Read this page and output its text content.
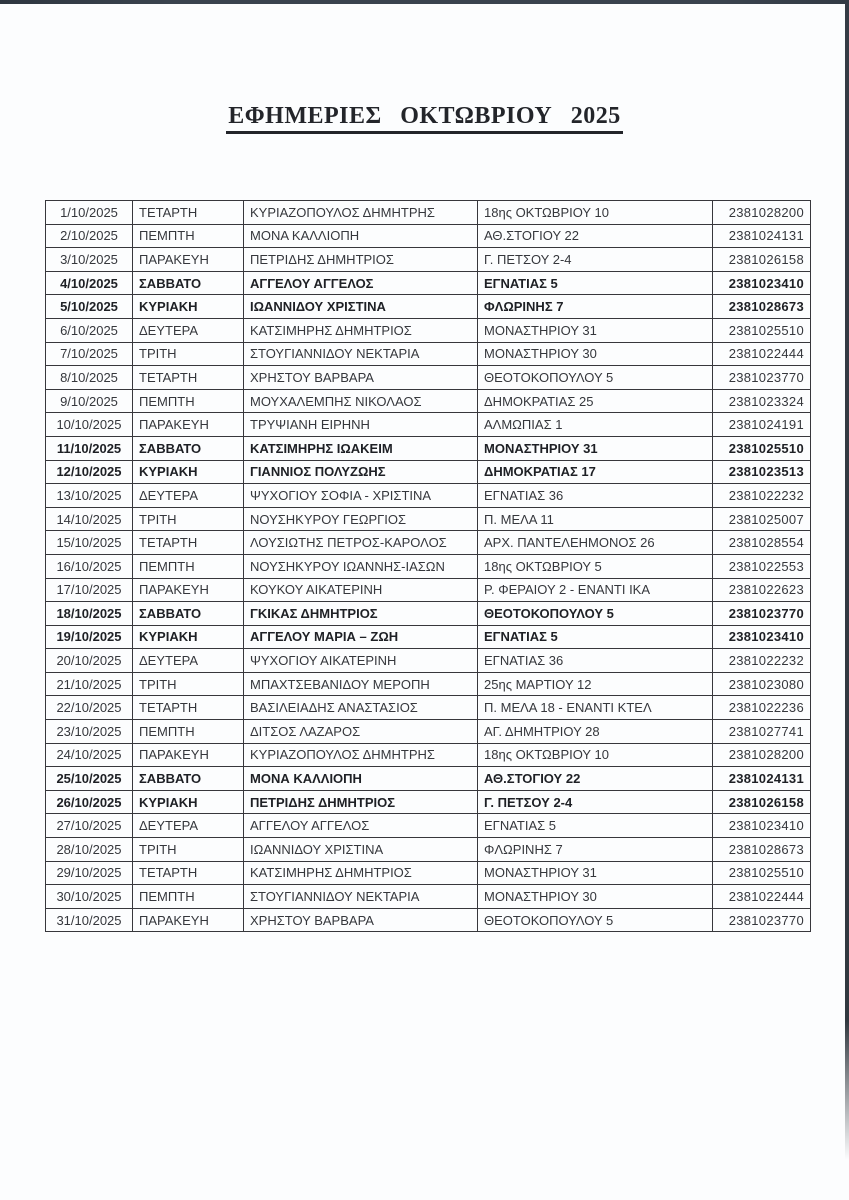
ΕΦΗΜΕΡΙΕΣ ΟΚΤΩΒΡΙΟΥ 2025
1/10/2025	ΤΕΤΑΡΤΗ	ΚΥΡΙΑΖΟΠΟΥΛΟΣ ΔΗΜΗΤΡΗΣ	18ης ΟΚΤΩΒΡΙΟΥ 10	2381028200
2/10/2025	ΠΕΜΠΤΗ	ΜΟΝΑ ΚΑΛΛΙΟΠΗ	ΑΘ.ΣΤΟΓΙΟΥ 22	2381024131
3/10/2025	ΠΑΡΑΚΕΥΗ	ΠΕΤΡΙΔΗΣ ΔΗΜΗΤΡΙΟΣ	Γ. ΠΕΤΣΟΥ 2-4	2381026158
4/10/2025	ΣΑΒΒΑΤΟ	ΑΓΓΕΛΟΥ ΑΓΓΕΛΟΣ	ΕΓΝΑΤΙΑΣ 5	2381023410
5/10/2025	ΚΥΡΙΑΚΗ	ΙΩΑΝΝΙΔΟΥ ΧΡΙΣΤΙΝΑ	ΦΛΩΡΙΝΗΣ 7	2381028673
6/10/2025	ΔΕΥΤΕΡΑ	ΚΑΤΣΙΜΗΡΗΣ ΔΗΜΗΤΡΙΟΣ	ΜΟΝΑΣΤΗΡΙΟΥ 31	2381025510
7/10/2025	ΤΡΙΤΗ	ΣΤΟΥΓΙΑΝΝΙΔΟΥ ΝΕΚΤΑΡΙΑ	ΜΟΝΑΣΤΗΡΙΟΥ 30	2381022444
8/10/2025	ΤΕΤΑΡΤΗ	ΧΡΗΣΤΟΥ ΒΑΡΒΑΡΑ	ΘΕΟΤΟΚΟΠΟΥΛΟΥ 5	2381023770
9/10/2025	ΠΕΜΠΤΗ	ΜΟΥΧΑΛΕΜΠΗΣ ΝΙΚΟΛΑΟΣ	ΔΗΜΟΚΡΑΤΙΑΣ 25	2381023324
10/10/2025	ΠΑΡΑΚΕΥΗ	ΤΡΥΨΙΑΝΗ ΕΙΡΗΝΗ	ΑΛΜΩΠΙΑΣ 1	2381024191
11/10/2025	ΣΑΒΒΑΤΟ	ΚΑΤΣΙΜΗΡΗΣ ΙΩΑΚΕΙΜ	ΜΟΝΑΣΤΗΡΙΟΥ 31	2381025510
12/10/2025	ΚΥΡΙΑΚΗ	ΓΙΑΝΝΙΟΣ ΠΟΛΥΖΩΗΣ	ΔΗΜΟΚΡΑΤΙΑΣ 17	2381023513
13/10/2025	ΔΕΥΤΕΡΑ	ΨΥΧΟΓΙΟΥ ΣΟΦΙΑ - ΧΡΙΣΤΙΝΑ	ΕΓΝΑΤΙΑΣ 36	2381022232
14/10/2025	ΤΡΙΤΗ	ΝΟΥΣΗΚΥΡΟΥ ΓΕΩΡΓΙΟΣ	Π. ΜΕΛΑ 11	2381025007
15/10/2025	ΤΕΤΑΡΤΗ	ΛΟΥΣΙΩΤΗΣ ΠΕΤΡΟΣ-ΚΑΡΟΛΟΣ	ΑΡΧ. ΠΑΝΤΕΛΕΗΜΟΝΟΣ 26	2381028554
16/10/2025	ΠΕΜΠΤΗ	ΝΟΥΣΗΚΥΡΟΥ ΙΩΑΝΝΗΣ-ΙΑΣΩΝ	18ης ΟΚΤΩΒΡΙΟΥ 5	2381022553
17/10/2025	ΠΑΡΑΚΕΥΗ	ΚΟΥΚΟΥ ΑΙΚΑΤΕΡΙΝΗ	Ρ. ΦΕΡΑΙΟΥ 2 - ΕΝΑΝΤΙ ΙΚΑ	2381022623
18/10/2025	ΣΑΒΒΑΤΟ	ΓΚΙΚΑΣ ΔΗΜΗΤΡΙΟΣ	ΘΕΟΤΟΚΟΠΟΥΛΟΥ 5	2381023770
19/10/2025	ΚΥΡΙΑΚΗ	ΑΓΓΕΛΟΥ ΜΑΡΙΑ – ΖΩΗ	ΕΓΝΑΤΙΑΣ 5	2381023410
20/10/2025	ΔΕΥΤΕΡΑ	ΨΥΧΟΓΙΟΥ ΑΙΚΑΤΕΡΙΝΗ	ΕΓΝΑΤΙΑΣ 36	2381022232
21/10/2025	ΤΡΙΤΗ	ΜΠΑΧΤΣΕΒΑΝΙΔΟΥ ΜΕΡΟΠΗ	25ης ΜΑΡΤΙΟΥ 12	2381023080
22/10/2025	ΤΕΤΑΡΤΗ	ΒΑΣΙΛΕΙΑΔΗΣ ΑΝΑΣΤΑΣΙΟΣ	Π. ΜΕΛΑ 18 - ΕΝΑΝΤΙ ΚΤΕΛ	2381022236
23/10/2025	ΠΕΜΠΤΗ	ΔΙΤΣΟΣ ΛΑΖΑΡΟΣ	ΑΓ. ΔΗΜΗΤΡΙΟΥ 28	2381027741
24/10/2025	ΠΑΡΑΚΕΥΗ	ΚΥΡΙΑΖΟΠΟΥΛΟΣ ΔΗΜΗΤΡΗΣ	18ης ΟΚΤΩΒΡΙΟΥ 10	2381028200
25/10/2025	ΣΑΒΒΑΤΟ	ΜΟΝΑ ΚΑΛΛΙΟΠΗ	ΑΘ.ΣΤΟΓΙΟΥ 22	2381024131
26/10/2025	ΚΥΡΙΑΚΗ	ΠΕΤΡΙΔΗΣ ΔΗΜΗΤΡΙΟΣ	Γ. ΠΕΤΣΟΥ 2-4	2381026158
27/10/2025	ΔΕΥΤΕΡΑ	ΑΓΓΕΛΟΥ ΑΓΓΕΛΟΣ	ΕΓΝΑΤΙΑΣ 5	2381023410
28/10/2025	ΤΡΙΤΗ	ΙΩΑΝΝΙΔΟΥ ΧΡΙΣΤΙΝΑ	ΦΛΩΡΙΝΗΣ 7	2381028673
29/10/2025	ΤΕΤΑΡΤΗ	ΚΑΤΣΙΜΗΡΗΣ ΔΗΜΗΤΡΙΟΣ	ΜΟΝΑΣΤΗΡΙΟΥ 31	2381025510
30/10/2025	ΠΕΜΠΤΗ	ΣΤΟΥΓΙΑΝΝΙΔΟΥ ΝΕΚΤΑΡΙΑ	ΜΟΝΑΣΤΗΡΙΟΥ 30	2381022444
31/10/2025	ΠΑΡΑΚΕΥΗ	ΧΡΗΣΤΟΥ ΒΑΡΒΑΡΑ	ΘΕΟΤΟΚΟΠΟΥΛΟΥ 5	2381023770
